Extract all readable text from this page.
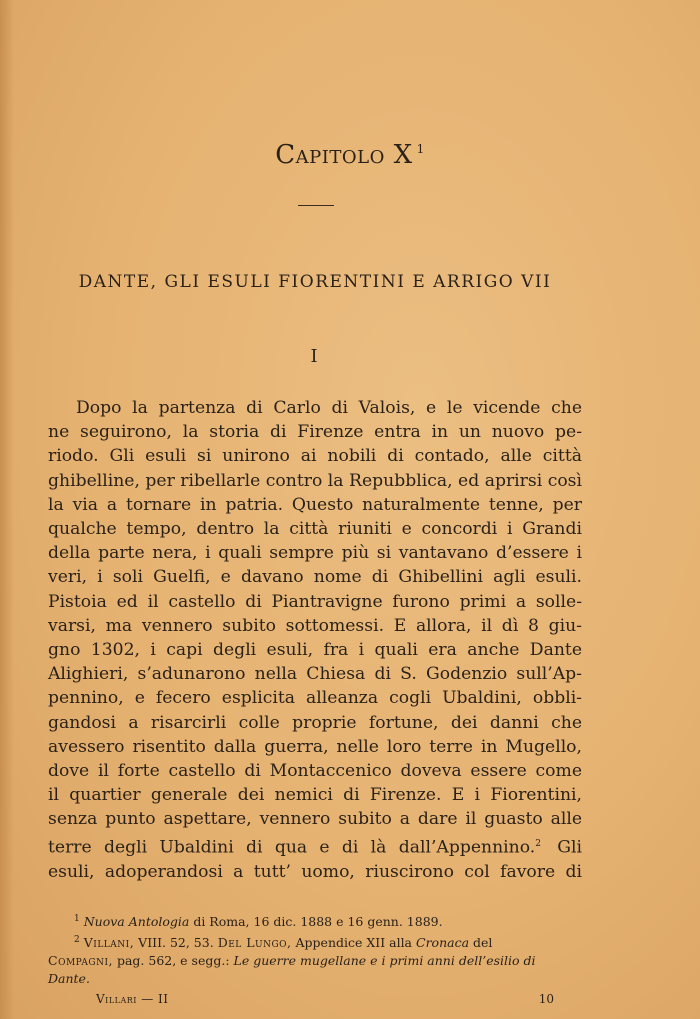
Capitolo X $^1$
DANTE, GLI ESULI FIORENTINI E ARRIGO VII
I
Dopo la partenza di Carlo di Valois, e le vicende che
ne seguirono, la storia di Firenze entra in un nuovo pe-
riodo. Gli esuli si unirono ai nobili di contado, alle città
ghibelline, per ribellarle contro la Repubblica, ed aprirsi così
la via a tornare in patria. Questo naturalmente tenne, per
qualche tempo, dentro la città riuniti e concordi i Grandi
della parte nera, i quali sempre più si vantavano d’essere i
veri, i soli Guelfi, e davano nome di Ghibellini agli esuli.
Pistoia ed il castello di Piantravigne furono primi a solle-
varsi, ma vennero subito sottomessi. E allora, il dì 8 giu-
gno 1302, i capi degli esuli, fra i quali era anche Dante
Alighieri, s’adunarono nella Chiesa di S. Godenzio sull’Ap-
pennino, e fecero esplicita alleanza cogli Ubaldini, obbli-
gandosi a risarcirli colle proprie fortune, dei danni che
avessero risentito dalla guerra, nelle loro terre in Mugello,
dove il forte castello di Montaccenico doveva essere come
il quartier generale dei nemici di Firenze. E i Fiorentini,
senza punto aspettare, vennero subito a dare il guasto alle
terre degli Ubaldini di qua e di là dall’Appennino.$^2$ Gli
esuli, adoperandosi a tutt’ uomo, riuscirono col favore di
$^1$ Nuova Antologia di Roma, 16 dic. 1888 e 16 genn. 1889.
$^2$ Villani, VIII. 52, 53. Del Lungo, Appendice XII alla Cronaca del
Compagni, pag. 562, e segg.: Le guerre mugellane e i primi anni dell’esilio di
Dante.
Villari — II	10
